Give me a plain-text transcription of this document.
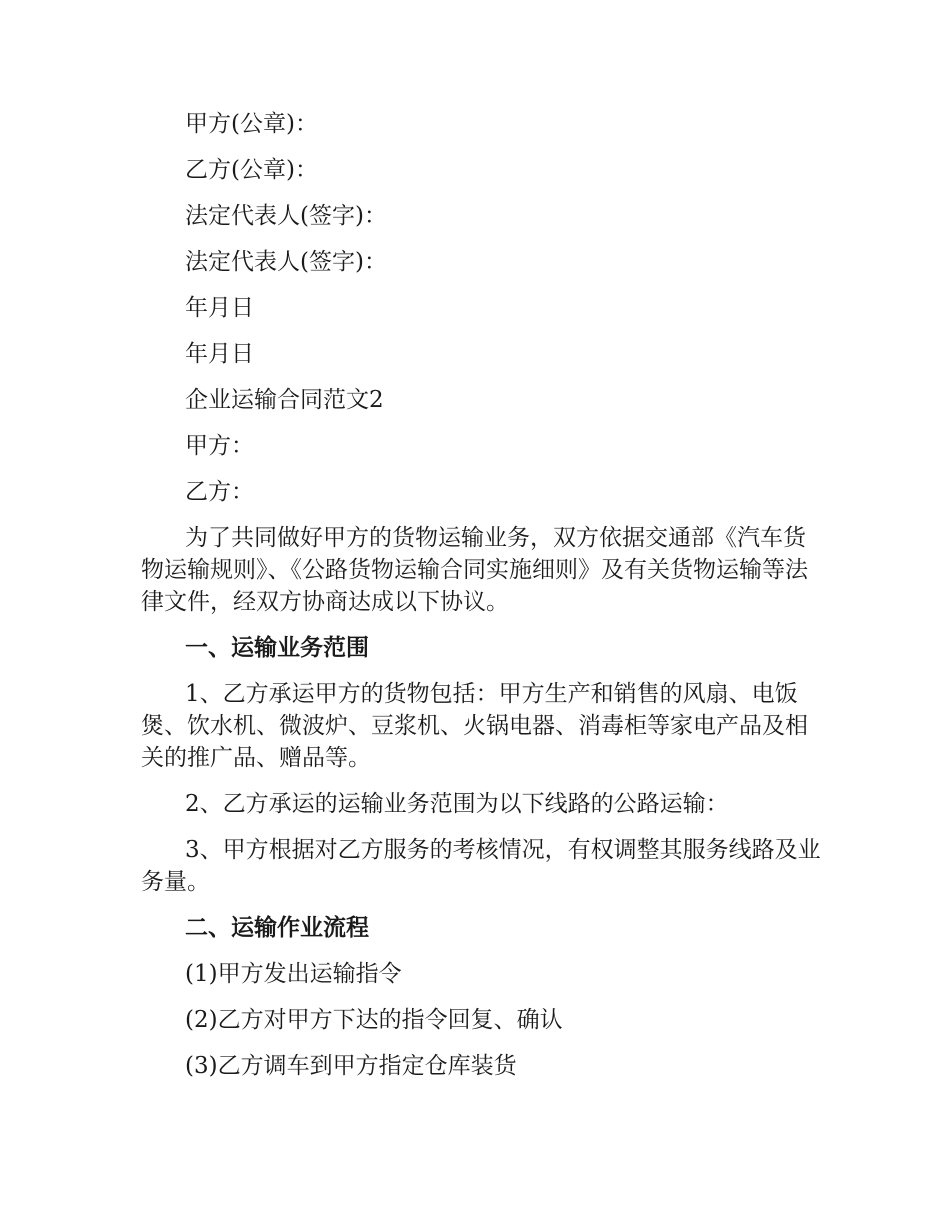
甲方(公章)：
乙方(公章)：
法定代表人(签字)：
法定代表人(签字)：
年月日
年月日
企业运输合同范文2
甲方：
乙方：
为了共同做好甲方的货物运输业务，双方依据交通部《汽车货物运输规则》、《公路货物运输合同实施细则》及有关货物运输等法律文件，经双方协商达成以下协议。
一、运输业务范围
1、乙方承运甲方的货物包括：甲方生产和销售的风扇、电饭煲、饮水机、微波炉、豆浆机、火锅电器、消毒柜等家电产品及相关的推广品、赠品等。
2、乙方承运的运输业务范围为以下线路的公路运输：
3、甲方根据对乙方服务的考核情况，有权调整其服务线路及业务量。
二、运输作业流程
(1)甲方发出运输指令
(2)乙方对甲方下达的指令回复、确认
(3)乙方调车到甲方指定仓库装货
